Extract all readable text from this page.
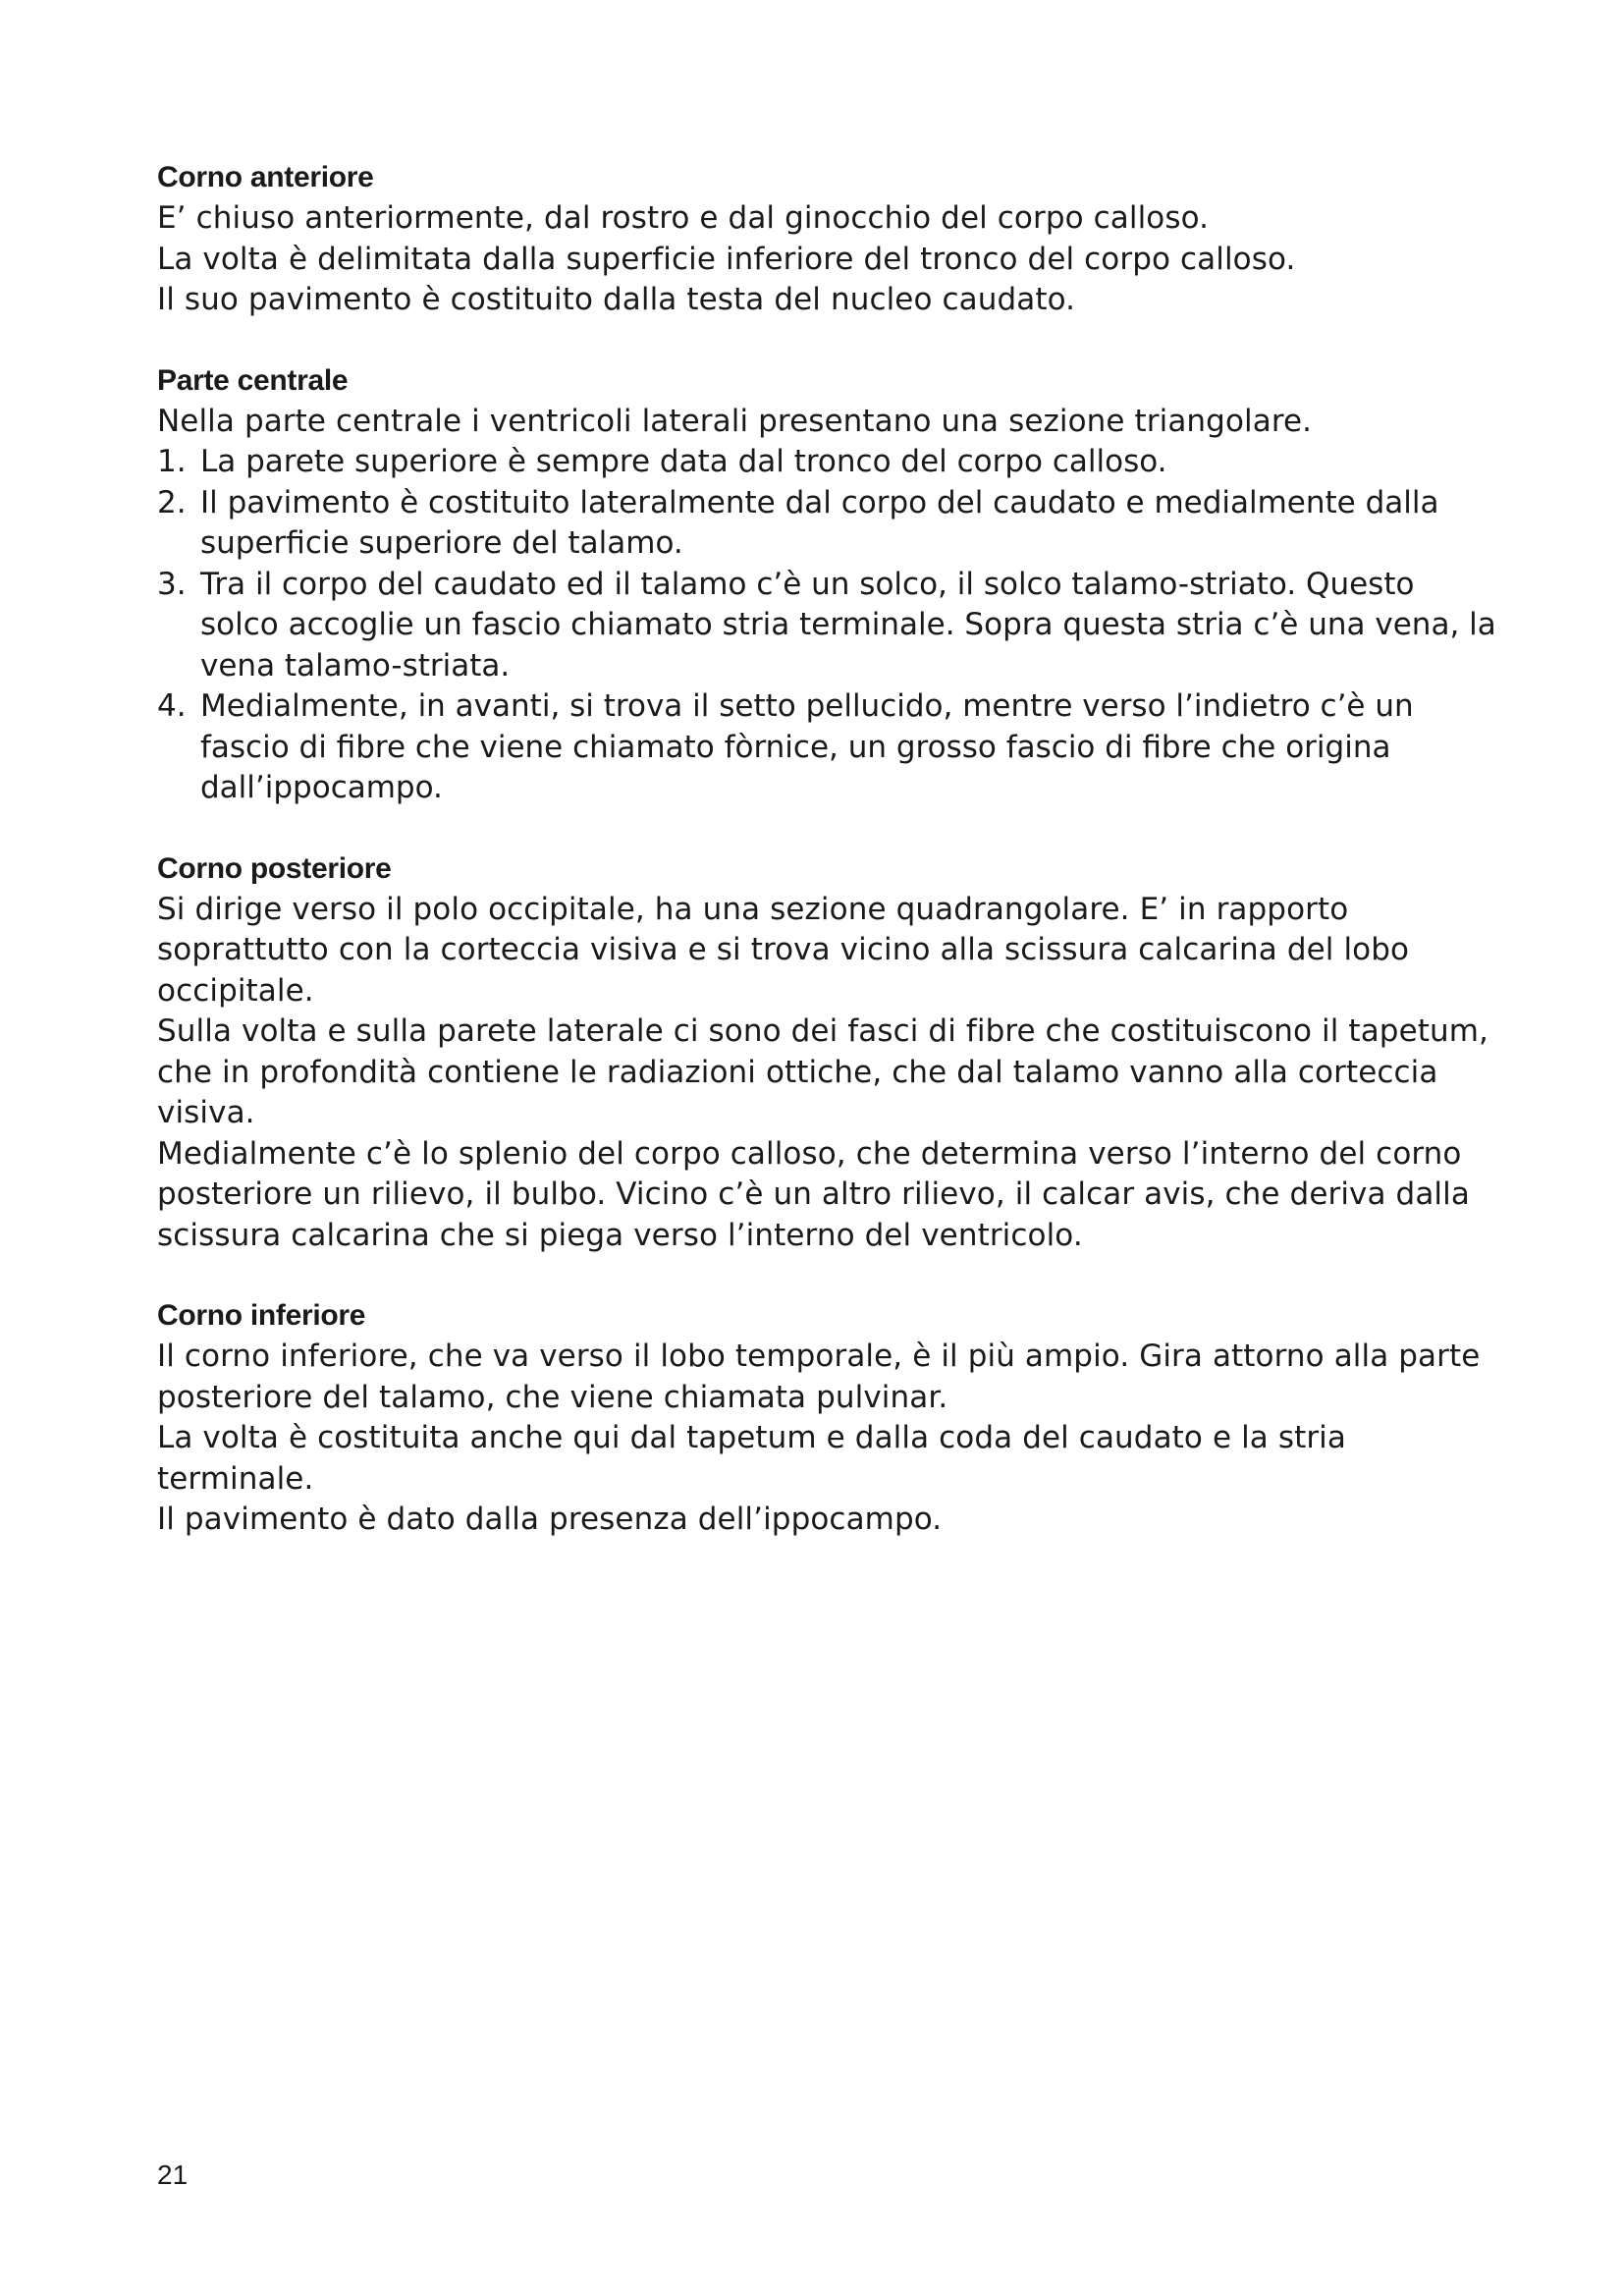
Corno anteriore

E’ chiuso anteriormente, dal rostro e dal ginocchio del corpo calloso.

La volta è delimitata dalla superficie inferiore del tronco del corpo calloso.

Il suo pavimento è costituito dalla testa del nucleo caudato.

Parte centrale

Nella parte centrale i ventricoli laterali presentano una sezione triangolare.

1. La parete superiore è sempre data dal tronco del corpo calloso.
2. Il pavimento è costituito lateralmente dal corpo del caudato e medialmente dalla superficie superiore del talamo.
3. Tra il corpo del caudato ed il talamo c’è un solco, il solco talamo-striato. Questo solco accoglie un fascio chiamato stria terminale. Sopra questa stria c’è una vena, la vena talamo-striata.
4. Medialmente, in avanti, si trova il setto pellucido, mentre verso l’indietro c’è un fascio di fibre che viene chiamato fòrnice, un grosso fascio di fibre che origina dall’ippocampo.

Corno posteriore

Si dirige verso il polo occipitale, ha una sezione quadrangolare. E’ in rapporto soprattutto con la corteccia visiva e si trova vicino alla scissura calcarina del lobo occipitale.

Sulla volta e sulla parete laterale ci sono dei fasci di fibre che costituiscono il tapetum, che in profondità contiene le radiazioni ottiche, che dal talamo vanno alla corteccia visiva.

Medialmente c’è lo splenio del corpo calloso, che determina verso l’interno del corno posteriore un rilievo, il bulbo. Vicino c’è un altro rilievo, il calcar avis, che deriva dalla scissura calcarina che si piega verso l’interno del ventricolo.

Corno inferiore

Il corno inferiore, che va verso il lobo temporale, è il più ampio. Gira attorno alla parte posteriore del talamo, che viene chiamata pulvinar.

La volta è costituita anche qui dal tapetum e dalla coda del caudato e la stria terminale.

Il pavimento è dato dalla presenza dell’ippocampo.

21
